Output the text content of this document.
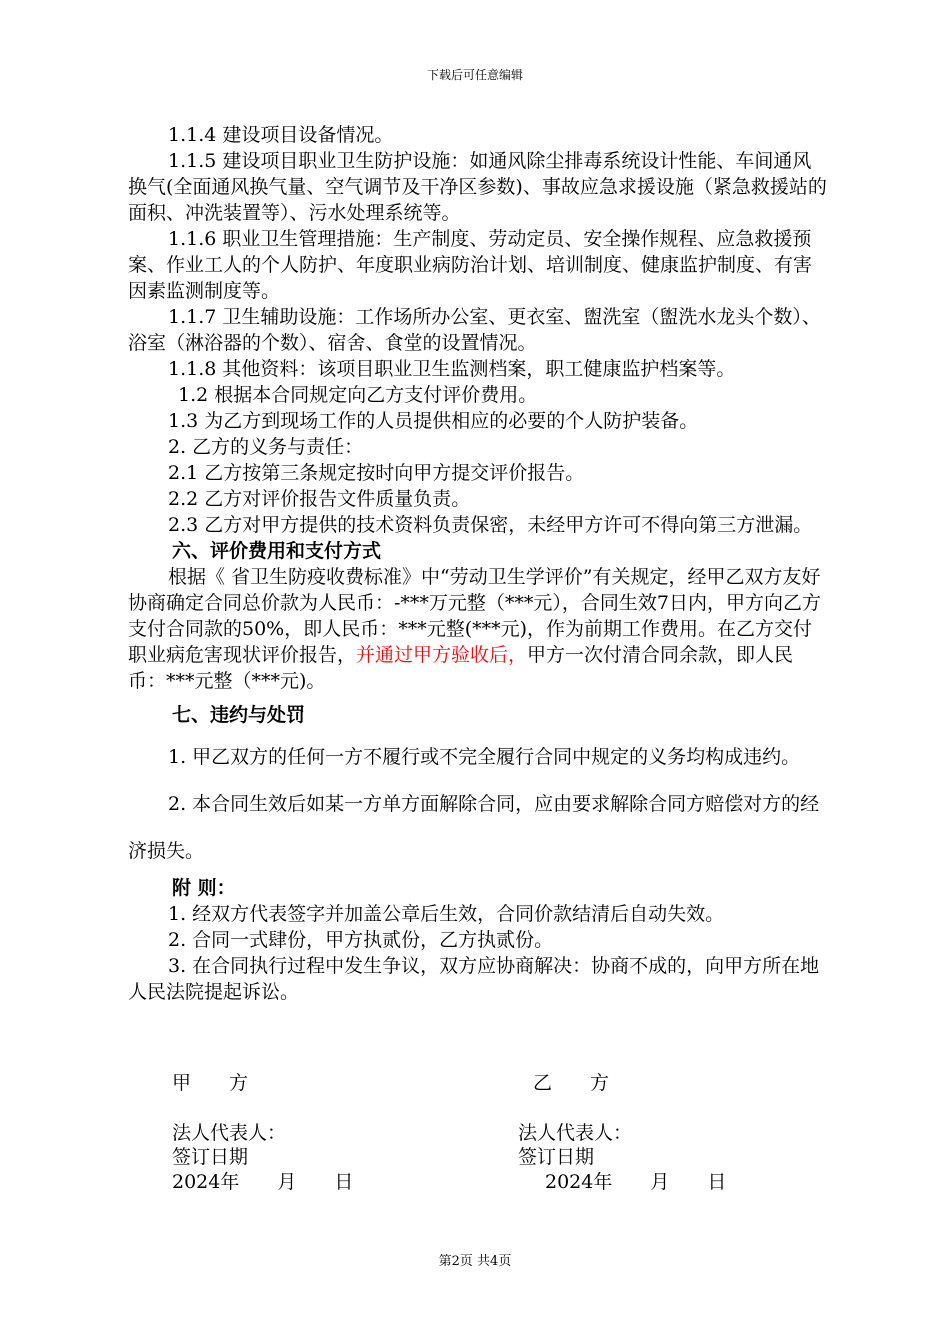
下载后可任意编辑

1.1.4 建设项目设备情况。

1.1.5 建设项目职业卫生防护设施：如通风除尘排毒系统设计性能、车间通风换气(全面通风换气量、空气调节及干净区参数)、事故应急求援设施（紧急救援站的面积、冲洗装置等）、污水处理系统等。

1.1.6 职业卫生管理措施：生产制度、劳动定员、安全操作规程、应急救援预案、作业工人的个人防护、年度职业病防治计划、培训制度、健康监护制度、有害因素监测制度等。

1.1.7 卫生辅助设施：工作场所办公室、更衣室、盥洗室（盥洗水龙头个数）、浴室（淋浴器的个数）、宿舍、食堂的设置情况。

1.1.8 其他资料：该项目职业卫生监测档案，职工健康监护档案等。

1.2 根据本合同规定向乙方支付评价费用。

1.3 为乙方到现场工作的人员提供相应的必要的个人防护装备。

2. 乙方的义务与责任：

2.1 乙方按第三条规定按时向甲方提交评价报告。

2.2 乙方对评价报告文件质量负责。

2.3 乙方对甲方提供的技术资料负责保密，未经甲方许可不得向第三方泄漏。

六、评价费用和支付方式

根据《 省卫生防疫收费标准》中“劳动卫生学评价”有关规定，经甲乙双方友好协商确定合同总价款为人民币：-***万元整（***元），合同生效7日内，甲方向乙方支付合同款的50%，即人民币：***元整(***元)，作为前期工作费用。在乙方交付职业病危害现状评价报告，并通过甲方验收后，甲方一次付清合同余款，即人民币：***元整（***元)。

七、违约与处罚

1. 甲乙双方的任何一方不履行或不完全履行合同中规定的义务均构成违约。

2. 本合同生效后如某一方单方面解除合同，应由要求解除合同方赔偿对方的经济损失。

附 则：

1. 经双方代表签字并加盖公章后生效，合同价款结清后自动失效。

2. 合同一式肆份，甲方执贰份，乙方执贰份。

3. 在合同执行过程中发生争议，双方应协商解决：协商不成的，向甲方所在地人民法院提起诉讼。

甲　　方	乙　　方
法人代表人：	法人代表人：
签订日期	签订日期
2024年　　月　　日	2024年　　月　　日
第2页 共4页
